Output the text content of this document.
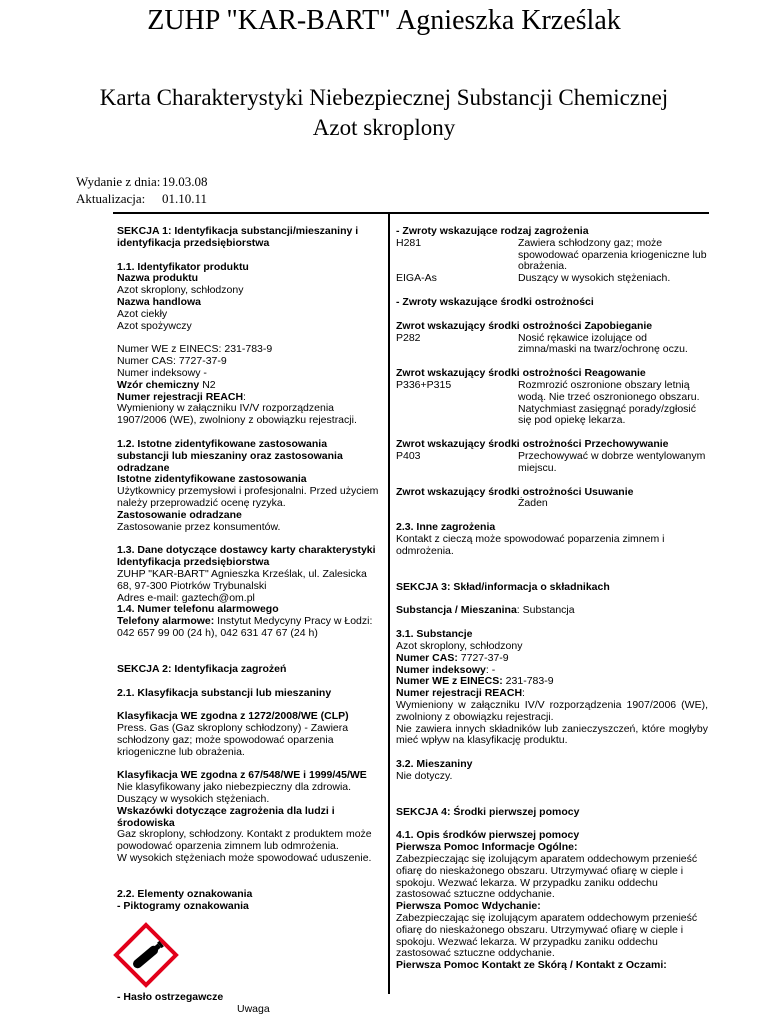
ZUHP "KAR-BART" Agnieszka Krześlak
Karta Charakterystyki Niebezpiecznej Substancji Chemicznej
Azot skroplony
Wydanie z dnia: 19.03.08
Aktualizacja: 01.10.11

SEKCJA 1: Identyfikacja substancji/mieszaniny i identyfikacja przedsiębiorstwa

1.1. Identyfikator produktu

Nazwa produktu

Azot skroplony, schłodzony

Nazwa handlowa

Azot ciekły

Azot spożywczy

Numer WE z EINECS: 231-783-9

Numer CAS: 7727-37-9

Numer indeksowy -

Wzór chemiczny N2

Numer rejestracji REACH:

Wymieniony w załączniku IV/V rozporządzenia 1907/2006 (WE), zwolniony z obowiązku rejestracji.

1.2. Istotne zidentyfikowane zastosowania substancji lub mieszaniny oraz zastosowania odradzane

Istotne zidentyfikowane zastosowania

Użytkownicy przemysłowi i profesjonalni. Przed użyciem należy przeprowadzić ocenę ryzyka.

Zastosowanie odradzane

Zastosowanie przez konsumentów.

1.3. Dane dotyczące dostawcy karty charakterystyki

Identyfikacja przedsiębiorstwa

ZUHP "KAR-BART" Agnieszka Krześlak, ul. Zalesicka 68, 97-300 Piotrków Trybunalski

Adres e-mail: gaztech@om.pl

1.4. Numer telefonu alarmowego

Telefony alarmowe: Instytut Medycyny Pracy w Łodzi: 042 657 99 00 (24 h), 042 631 47 67 (24 h)

SEKCJA 2: Identyfikacja zagrożeń

2.1. Klasyfikacja substancji lub mieszaniny

Klasyfikacja WE zgodna z 1272/2008/WE (CLP)

Press. Gas (Gaz skroplony schłodzony) - Zawiera schłodzony gaz; może spowodować oparzenia kriogeniczne lub obrażenia.

Klasyfikacja WE zgodna z 67/548/WE i 1999/45/WE

Nie klasyfikowany jako niebezpieczny dla zdrowia.

Duszący w wysokich stężeniach.

Wskazówki dotyczące zagrożenia dla ludzi i środowiska

Gaz skroplony, schłodzony. Kontakt z produktem może powodować oparzenia zimnem lub odmrożenia.

W wysokich stężeniach może spowodować uduszenie.

2.2. Elementy oznakowania

- Piktogramy oznakowania

- Hasło ostrzegawcze
Uwaga

- Zwroty wskazujące rodzaj zagrożenia

H281	Zawiera schłodzony gaz; może spowodować oparzenia kriogeniczne lub obrażenia.
EIGA-As	Duszący w wysokich stężeniach.

- Zwroty wskazujące środki ostrożności

Zwrot wskazujący środki ostrożności Zapobieganie

P282	Nosić rękawice izolujące od zimna/maski na twarz/ochronę oczu.

Zwrot wskazujący środki ostrożności Reagowanie

P336+P315	Rozmrozić oszronione obszary letnią wodą. Nie trzeć oszronionego obszaru. Natychmiast zasięgnąć porady/zgłosić się pod opiekę lekarza.

Zwrot wskazujący środki ostrożności Przechowywanie

P403	Przechowywać w dobrze wentylowanym miejscu.

Zwrot wskazujący środki ostrożności Usuwanie

Żaden

2.3. Inne zagrożenia

Kontakt z cieczą może spowodować poparzenia zimnem i odmrożenia.

SEKCJA 3: Skład/informacja o składnikach

Substancja / Mieszanina: Substancja

3.1. Substancje

Azot skroplony, schłodzony

Numer CAS: 7727-37-9

Numer indeksowy: -

Numer WE z EINECS: 231-783-9

Numer rejestracji REACH:

Wymieniony w załączniku IV/V rozporządzenia 1907/2006 (WE), zwolniony z obowiązku rejestracji.

Nie zawiera innych składników lub zanieczyszczeń, które mogłyby mieć wpływ na klasyfikację produktu.

3.2. Mieszaniny

Nie dotyczy.

SEKCJA 4: Środki pierwszej pomocy

4.1. Opis środków pierwszej pomocy

Pierwsza Pomoc Informacje Ogólne:

Zabezpieczając się izolującym aparatem oddechowym przenieść ofiarę do nieskażonego obszaru. Utrzymywać ofiarę w cieple i spokoju. Wezwać lekarza. W przypadku zaniku oddechu zastosować sztuczne oddychanie.

Pierwsza Pomoc Wdychanie:

Zabezpieczając się izolującym aparatem oddechowym przenieść ofiarę do nieskażonego obszaru. Utrzymywać ofiarę w cieple i spokoju. Wezwać lekarza. W przypadku zaniku oddechu zastosować sztuczne oddychanie.

Pierwsza Pomoc Kontakt ze Skórą / Kontakt z Oczami:
